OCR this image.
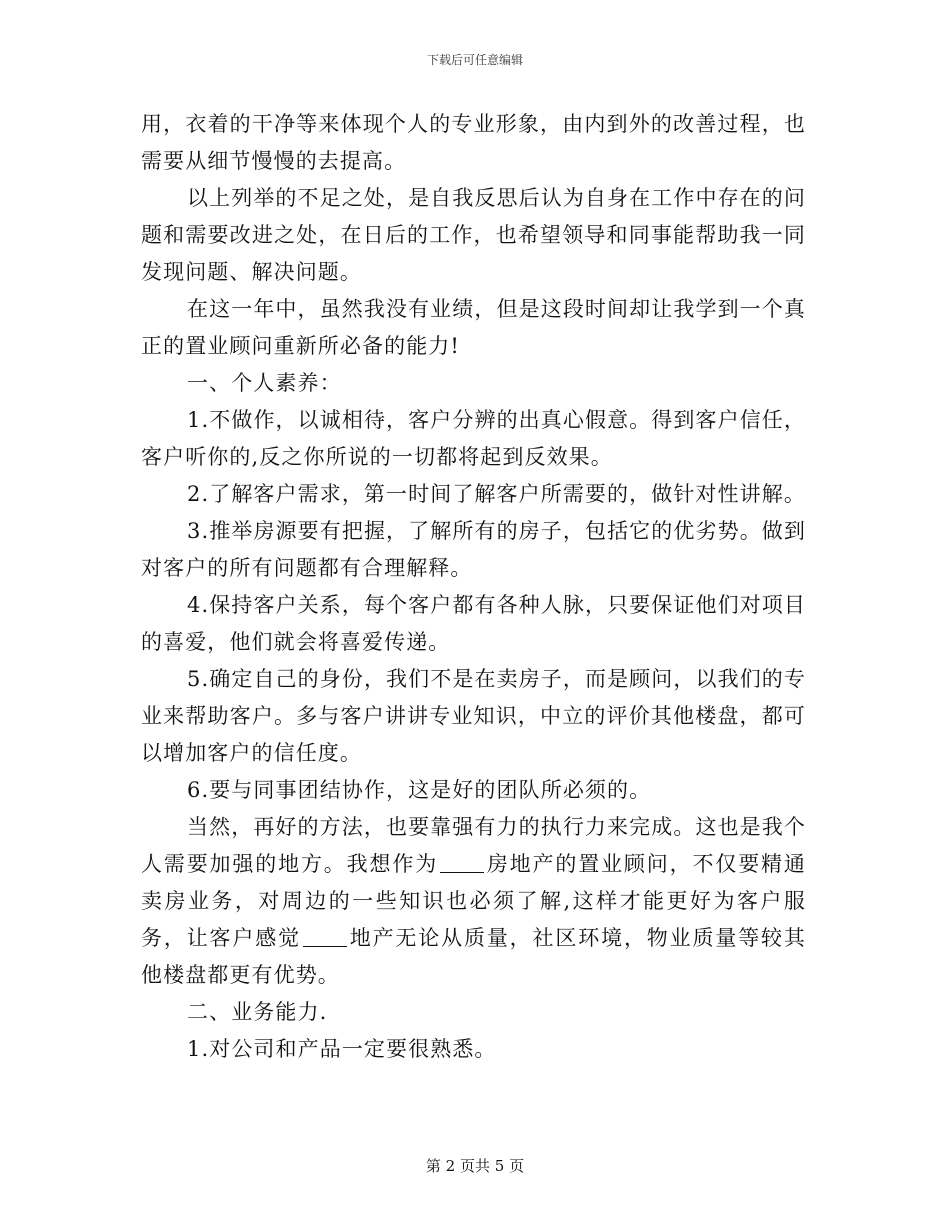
下载后可任意编辑

用，衣着的干净等来体现个人的专业形象，由内到外的改善过程，也需要从细节慢慢的去提高。

以上列举的不足之处，是自我反思后认为自身在工作中存在的问题和需要改进之处，在日后的工作，也希望领导和同事能帮助我一同发现问题、解决问题。

在这一年中，虽然我没有业绩，但是这段时间却让我学到一个真正的置业顾问重新所必备的能力!

一、个人素养：

1.不做作，以诚相待，客户分辨的出真心假意。得到客户信任，客户听你的,反之你所说的一切都将起到反效果。

2.了解客户需求，第一时间了解客户所需要的，做针对性讲解。

3.推举房源要有把握，了解所有的房子，包括它的优劣势。做到对客户的所有问题都有合理解释。

4.保持客户关系，每个客户都有各种人脉，只要保证他们对项目的喜爱，他们就会将喜爱传递。

5.确定自己的身份，我们不是在卖房子，而是顾问，以我们的专业来帮助客户。多与客户讲讲专业知识，中立的评价其他楼盘，都可以增加客户的信任度。

6.要与同事团结协作，这是好的团队所必须的。

当然，再好的方法，也要靠强有力的执行力来完成。这也是我个人需要加强的地方。我想作为 房地产的置业顾问，不仅要精通卖房业务，对周边的一些知识也必须了解,这样才能更好为客户服务，让客户感觉 地产无论从质量，社区环境，物业质量等较其他楼盘都更有优势。

二、业务能力.

1.对公司和产品一定要很熟悉。

第 2 页共 5 页
